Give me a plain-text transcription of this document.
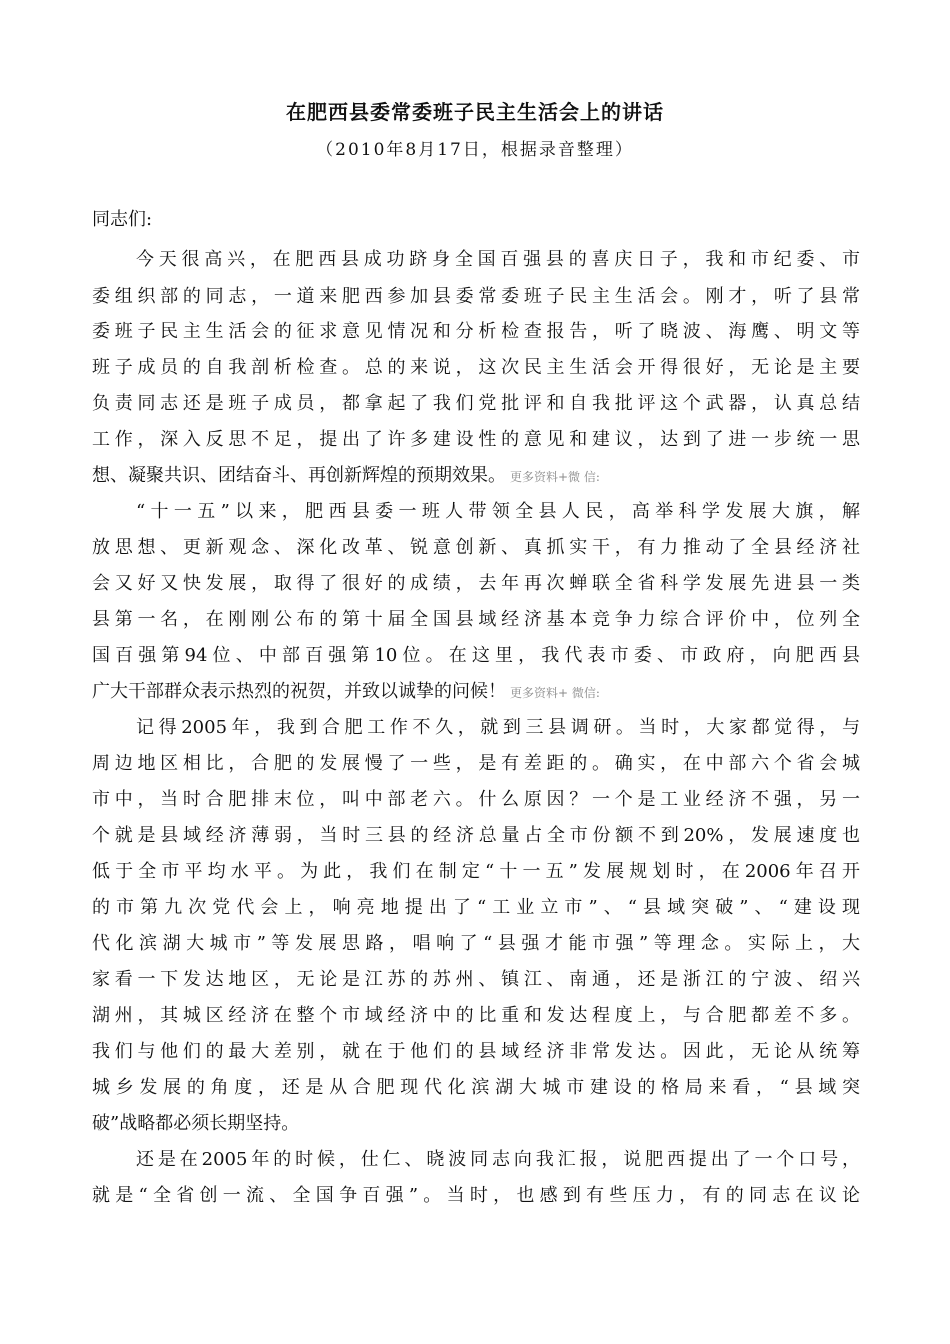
在肥西县委常委班子民主生活会上的讲话
（2010年8月17日，根据录音整理）
同志们:
今天很高兴，在肥西县成功跻身全国百强县的喜庆日子，我和市纪委、市
委组织部的同志，一道来肥西参加县委常委班子民主生活会。刚才，听了县常
委班子民主生活会的征求意见情况和分析检查报告，听了晓波、海鹰、明文等
班子成员的自我剖析检查。总的来说，这次民主生活会开得很好，无论是主要
负责同志还是班子成员，都拿起了我们党批评和自我批评这个武器，认真总结
工作，深入反思不足，提出了许多建设性的意见和建议，达到了进一步统一思
想、凝聚共识、团结奋斗、再创新辉煌的预期效果。 更多资料+微 信:
“十一五”以来，肥西县委一班人带领全县人民，高举科学发展大旗，解
放思想、更新观念、深化改革、锐意创新、真抓实干，有力推动了全县经济社
会又好又快发展，取得了很好的成绩，去年再次蝉联全省科学发展先进县一类
县第一名，在刚刚公布的第十届全国县域经济基本竞争力综合评价中，位列全
国百强第94位、中部百强第10位。在这里，我代表市委、市政府，向肥西县
广大干部群众表示热烈的祝贺，并致以诚挚的问候！ 更多资料+ 微信:
记得2005年，我到合肥工作不久，就到三县调研。当时，大家都觉得，与
周边地区相比，合肥的发展慢了一些，是有差距的。确实，在中部六个省会城
市中，当时合肥排末位，叫中部老六。什么原因？一个是工业经济不强，另一
个就是县域经济薄弱，当时三县的经济总量占全市份额不到20%，发展速度也
低于全市平均水平。为此，我们在制定“十一五”发展规划时，在2006年召开
的市第九次党代会上，响亮地提出了“工业立市”、“县域突破”、“建设现
代化滨湖大城市”等发展思路，唱响了“县强才能市强”等理念。实际上，大
家看一下发达地区，无论是江苏的苏州、镇江、南通，还是浙江的宁波、绍兴
湖州，其城区经济在整个市域经济中的比重和发达程度上，与合肥都差不多。
我们与他们的最大差别，就在于他们的县域经济非常发达。因此，无论从统筹
城乡发展的角度，还是从合肥现代化滨湖大城市建设的格局来看，“县域突
破”战略都必须长期坚持。
还是在2005年的时候，仕仁、晓波同志向我汇报，说肥西提出了一个口号，
就是“全省创一流、全国争百强”。当时，也感到有些压力，有的同志在议论
